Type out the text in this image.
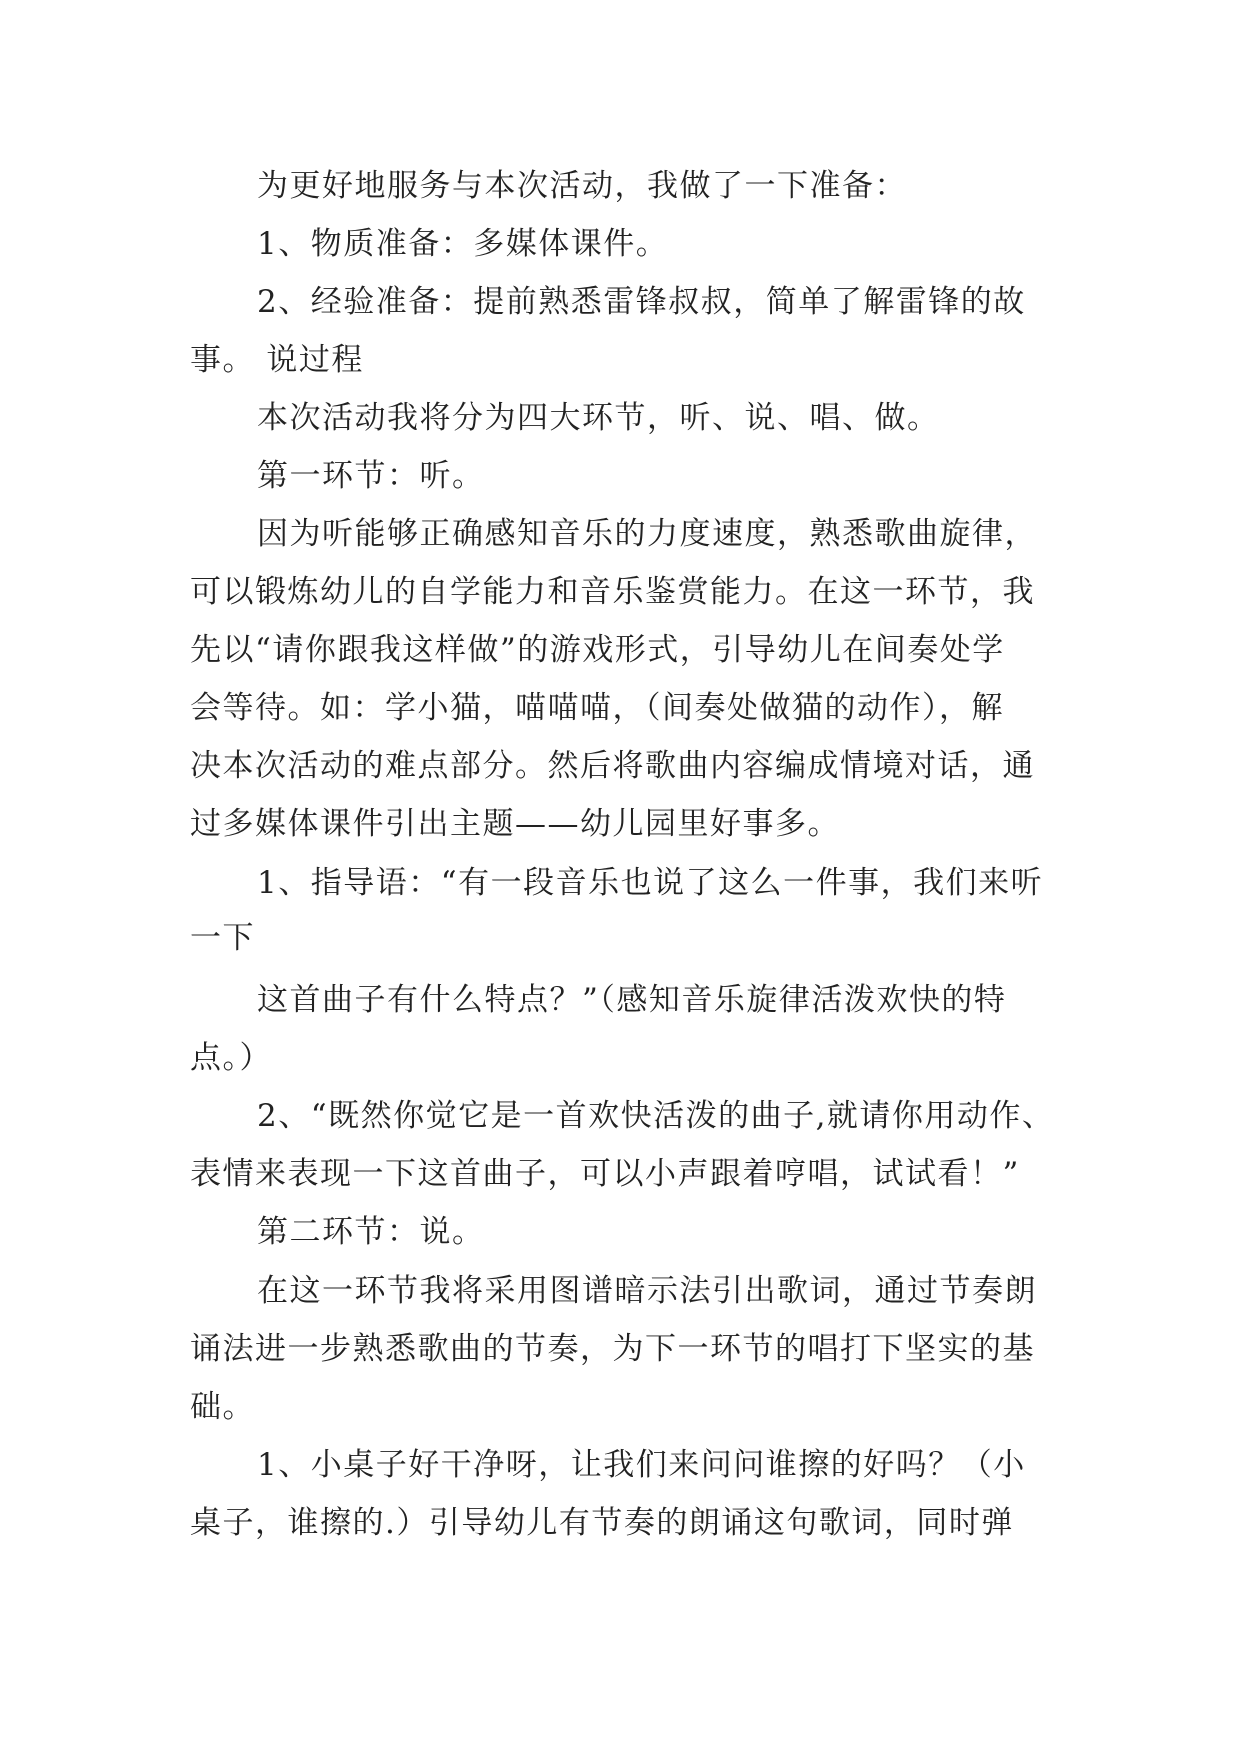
为更好地服务与本次活动，我做了一下准备：
1、物质准备：多媒体课件。
2、经验准备：提前熟悉雷锋叔叔，简单了解雷锋的故
事。 说过程
本次活动我将分为四大环节，听、说、唱、做。
第一环节：听。
因为听能够正确感知音乐的力度速度，熟悉歌曲旋律，
可以锻炼幼儿的自学能力和音乐鉴赏能力。在这一环节，我
先以“请你跟我这样做”的游戏形式，引导幼儿在间奏处学
会等待。如：学小猫，喵喵喵，（间奏处做猫的动作），解
决本次活动的难点部分。然后将歌曲内容编成情境对话，通
过多媒体课件引出主题——幼儿园里好事多。
1、指导语：“有一段音乐也说了这么一件事，我们来听
一下
这首曲子有什么特点？”（感知音乐旋律活泼欢快的特
点。）
2、“既然你觉它是一首欢快活泼的曲子,就请你用动作、
表情来表现一下这首曲子，可以小声跟着哼唱，试试看！”
第二环节：说。
在这一环节我将采用图谱暗示法引出歌词，通过节奏朗
诵法进一步熟悉歌曲的节奏，为下一环节的唱打下坚实的基
础。
1、小桌子好干净呀，让我们来问问谁擦的好吗？（小
桌子，谁擦的.）引导幼儿有节奏的朗诵这句歌词，同时弹
